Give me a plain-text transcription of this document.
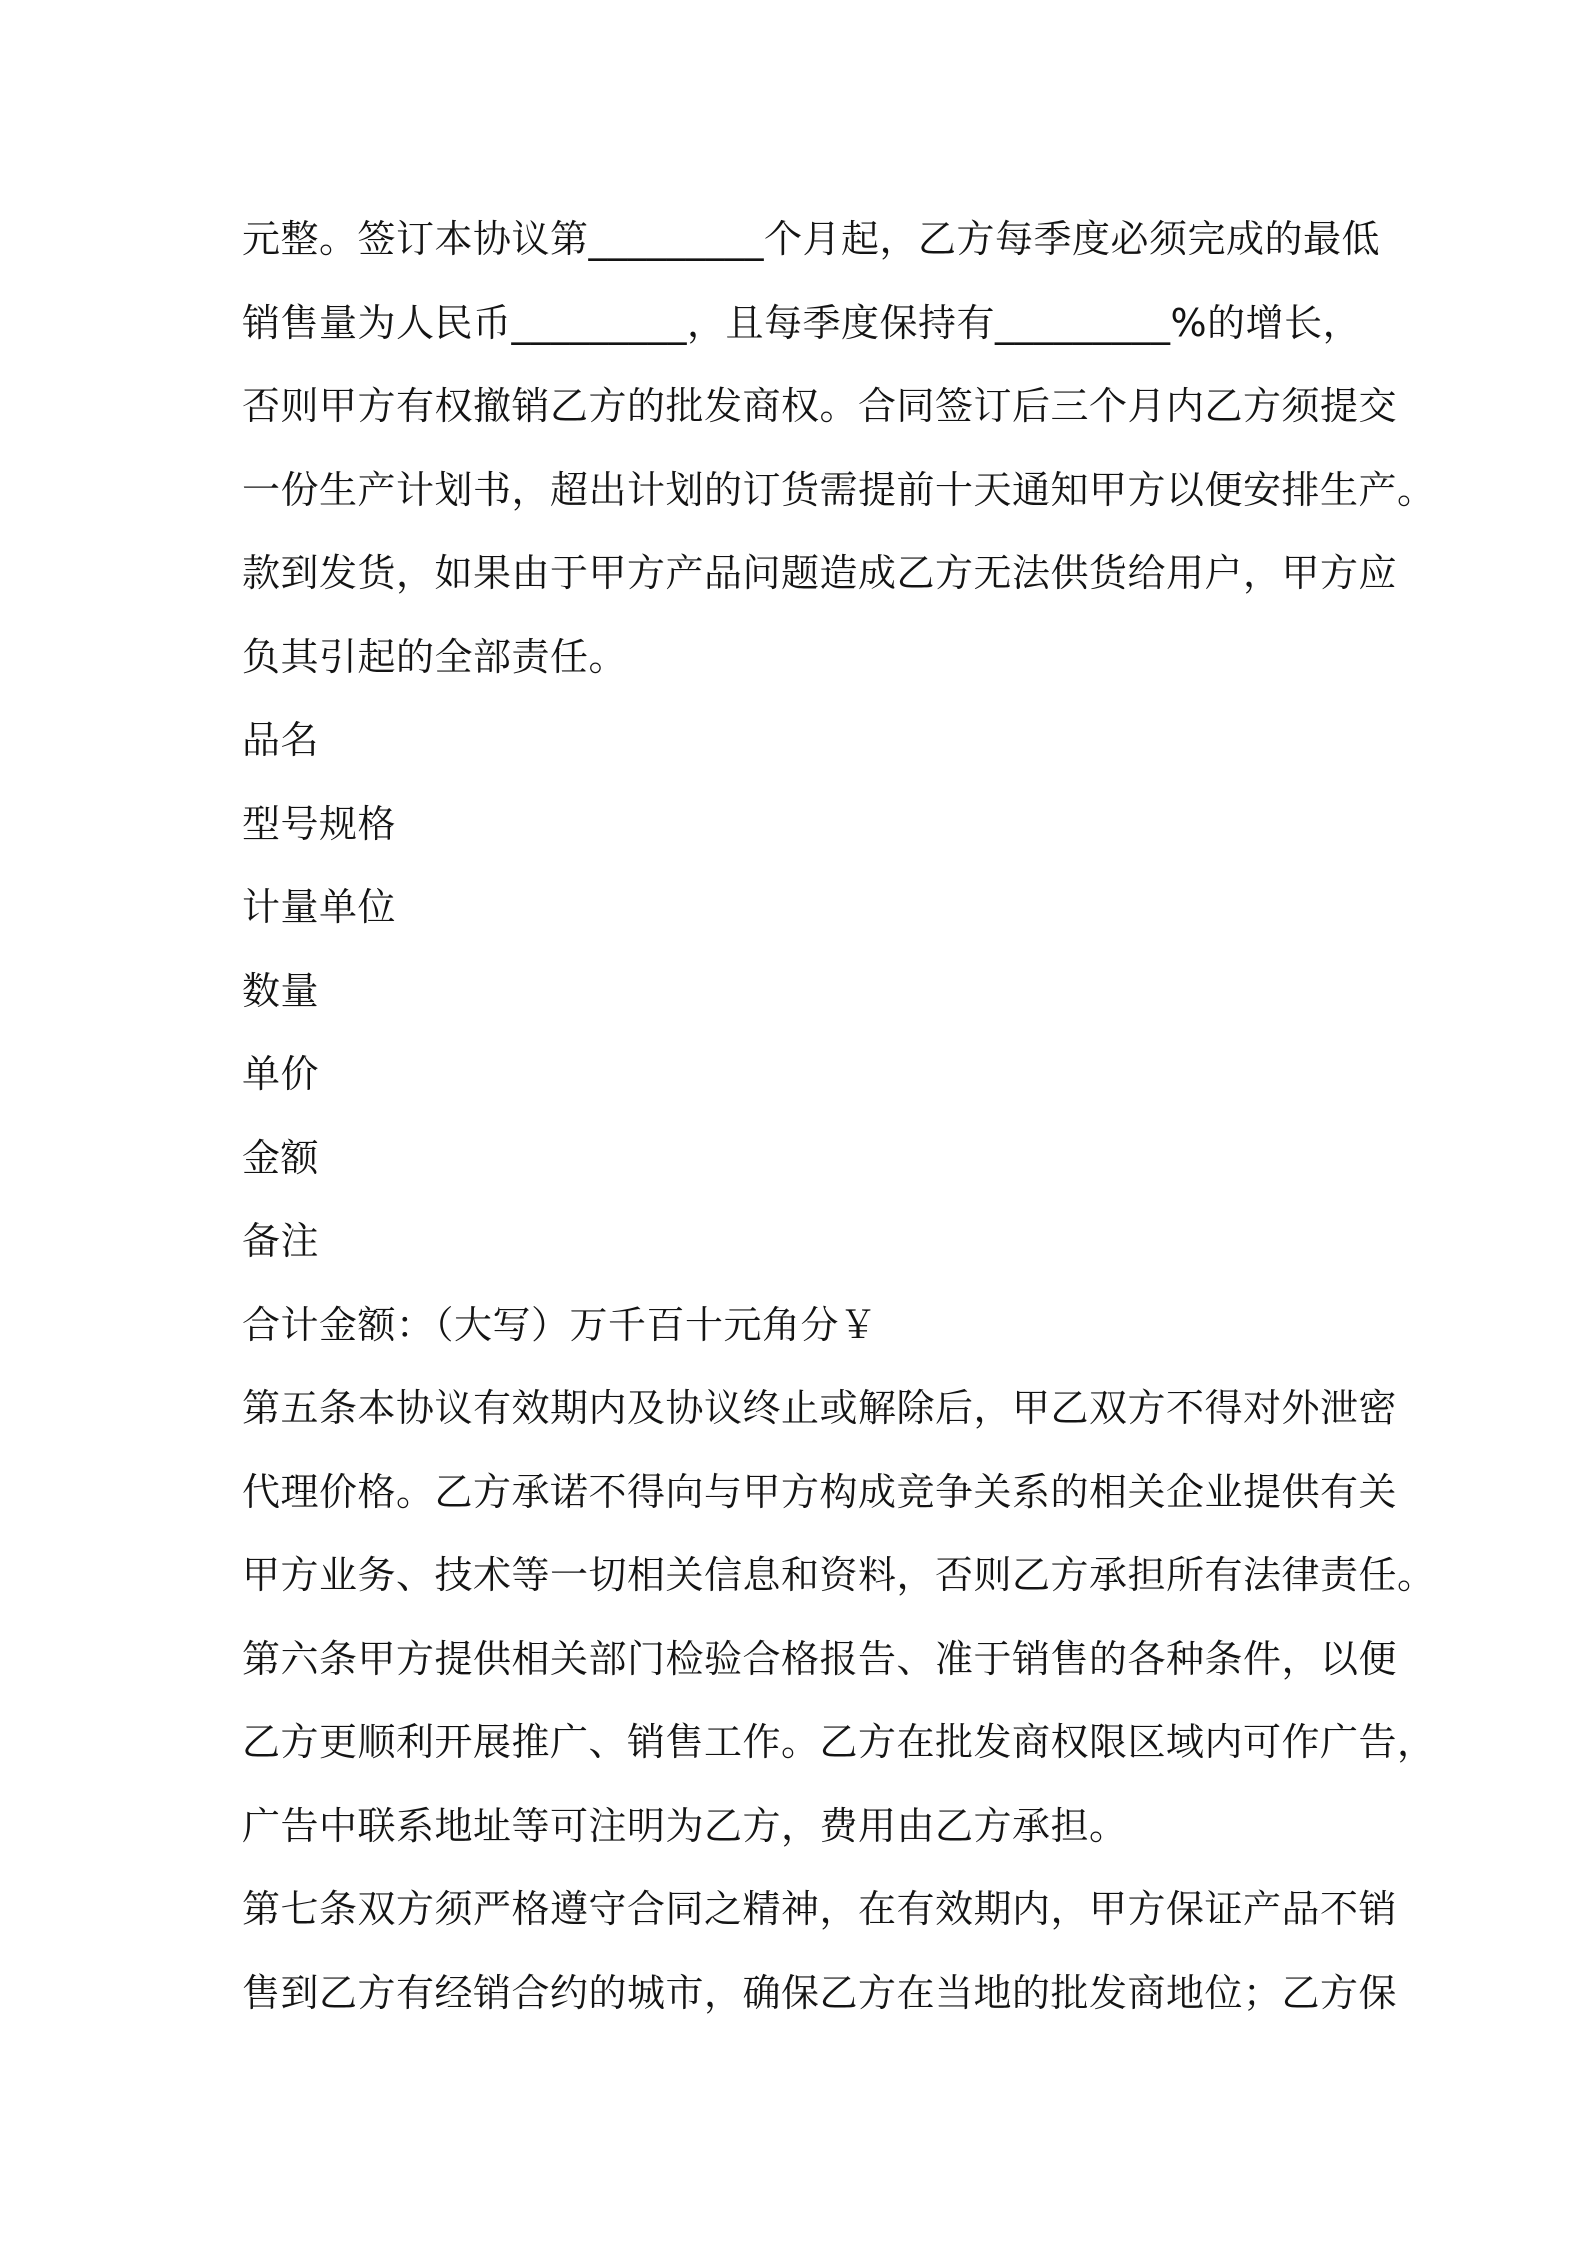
元整。签订本协议第_________个月起，乙方每季度必须完成的最低
销售量为人民币_________，且每季度保持有_________%的增长，
否则甲方有权撤销乙方的批发商权。合同签订后三个月内乙方须提交
一份生产计划书，超出计划的订货需提前十天通知甲方以便安排生产。
款到发货，如果由于甲方产品问题造成乙方无法供货给用户，甲方应
负其引起的全部责任。
品名
型号规格
计量单位
数量
单价
金额
备注
合计金额：（大写）万千百十元角分￥
第五条本协议有效期内及协议终止或解除后，甲乙双方不得对外泄密
代理价格。乙方承诺不得向与甲方构成竞争关系的相关企业提供有关
甲方业务、技术等一切相关信息和资料，否则乙方承担所有法律责任。
第六条甲方提供相关部门检验合格报告、准于销售的各种条件，以便
乙方更顺利开展推广、销售工作。乙方在批发商权限区域内可作广告，
广告中联系地址等可注明为乙方，费用由乙方承担。
第七条双方须严格遵守合同之精神，在有效期内，甲方保证产品不销
售到乙方有经销合约的城市，确保乙方在当地的批发商地位；乙方保
